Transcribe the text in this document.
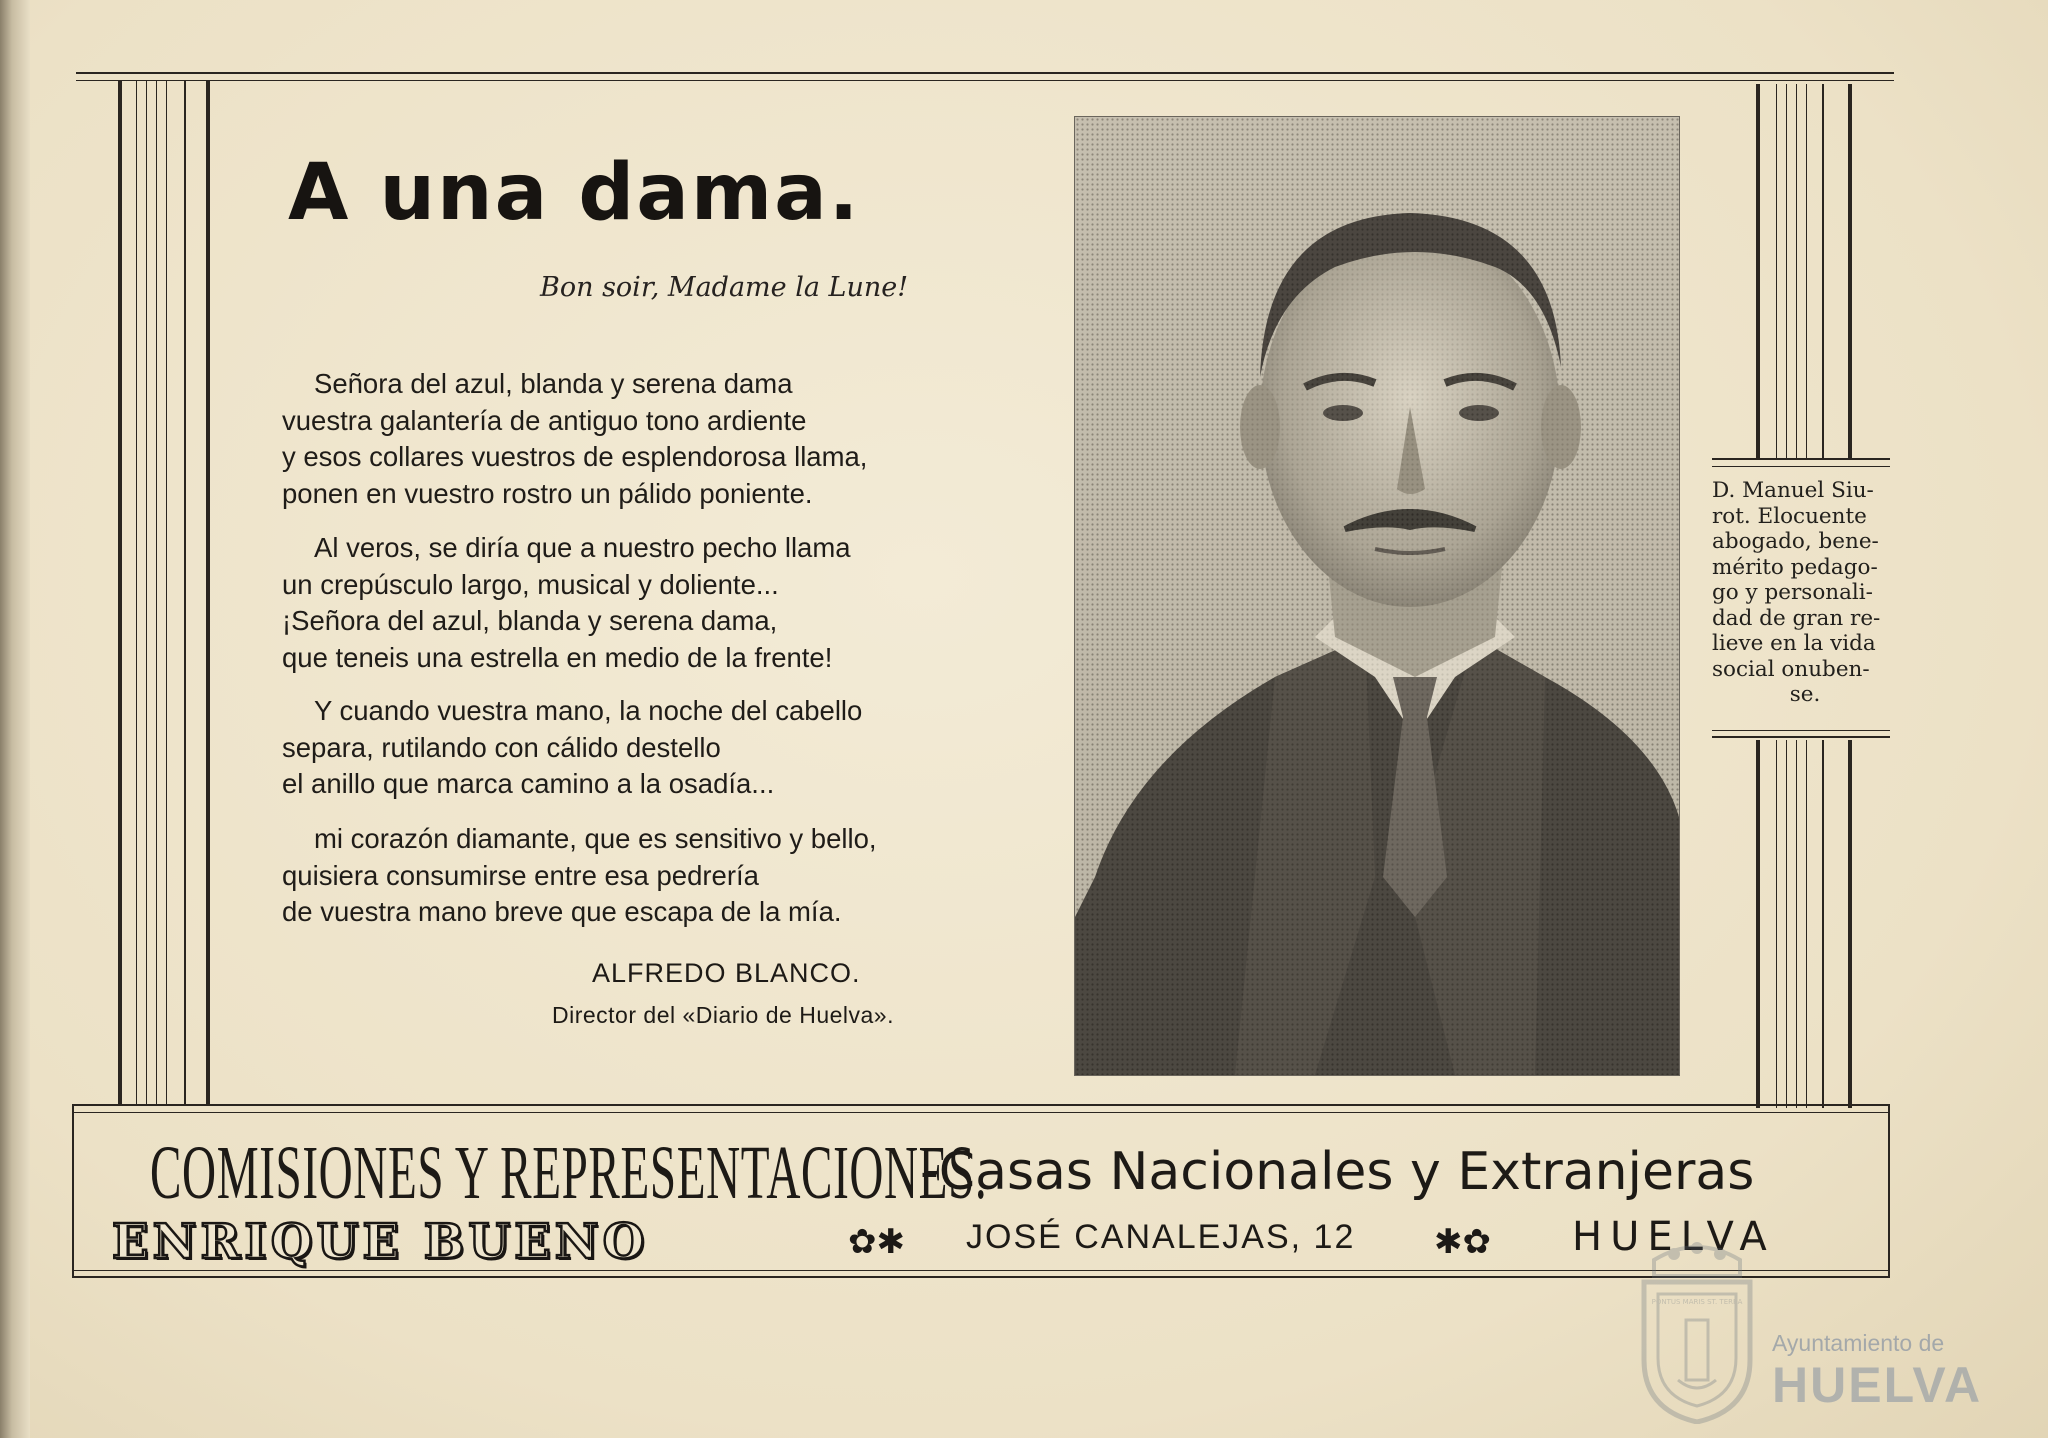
A una dama.
Bon soir, Madame la Lune!
Señora del azul, blanda y serena dama
vuestra galantería de antiguo tono ardiente
y esos collares vuestros de esplendorosa llama,
ponen en vuestro rostro un pálido poniente.
Al veros, se diría que a nuestro pecho llama
un crepúsculo largo, musical y doliente...
¡Señora del azul, blanda y serena dama,
que teneis una estrella en medio de la frente!
Y cuando vuestra mano, la noche del cabello
separa, rutilando con cálido destello
el anillo que marca camino a la osadía...
mi corazón diamante, que es sensitivo y bello,
quisiera consumirse entre esa pedrería
de vuestra mano breve que escapa de la mía.
ALFREDO BLANCO.
Director del «Diario de Huelva».
D. Manuel Siu-
rot. Elocuente
abogado, bene-
mérito pedago-
go y personali-
dad de gran re-
lieve en la vida
social onuben-
se.
COMISIONES Y REPRESENTACIONES.
-Casas Nacionales y Extranjeras
ENRIQUE BUENO	✿✱ JOSÉ CANALEJAS, 12 ✱✿ HUELVA
PONTUS MARIS ST. TERRA
Ayuntamiento de
HUELVA
